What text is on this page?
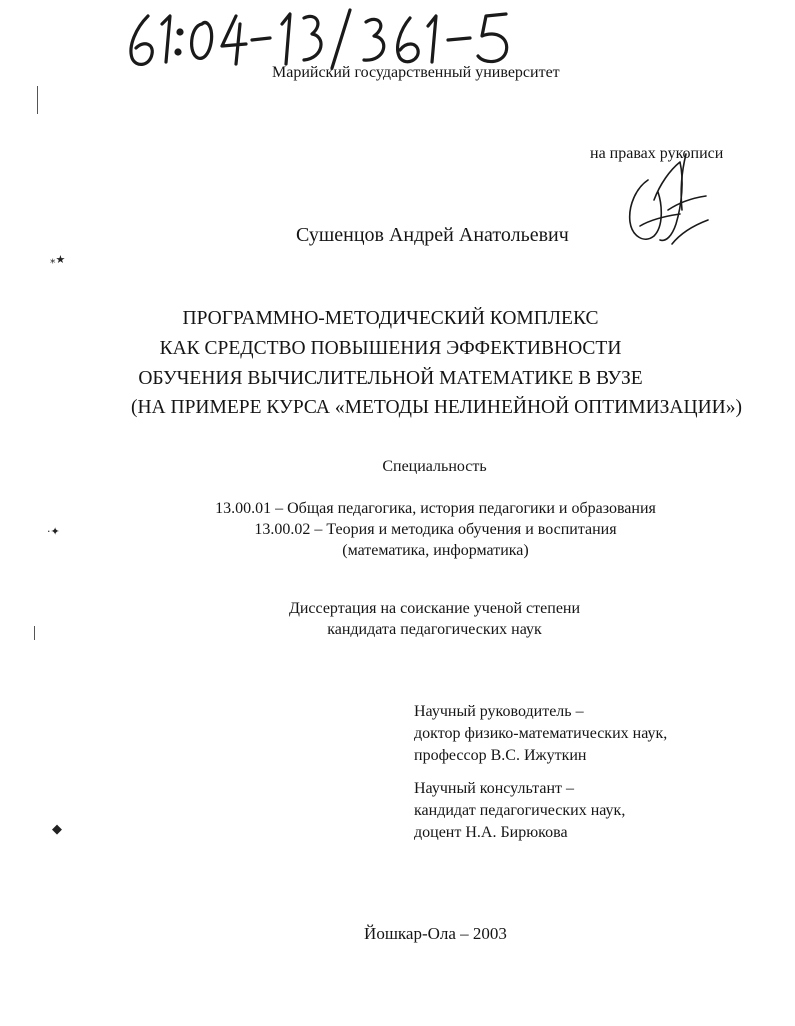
Марийский государственный университет
на правах рукописи
Сушенцов Андрей Анатольевич
ПРОГРАММНО-МЕТОДИЧЕСКИЙ КОМПЛЕКС
КАК СРЕДСТВО ПОВЫШЕНИЯ ЭФФЕКТИВНОСТИ
ОБУЧЕНИЯ ВЫЧИСЛИТЕЛЬНОЙ МАТЕМАТИКЕ В ВУЗЕ
(НА ПРИМЕРЕ КУРСА «МЕТОДЫ НЕЛИНЕЙНОЙ ОПТИМИЗАЦИИ»)
Специальность
13.00.01 – Общая педагогика, история педагогики и образования
13.00.02 – Теория и методика обучения и воспитания
(математика, информатика)
Диссертация на соискание ученой степени
кандидата педагогических наук
Научный руководитель –
доктор физико-математических наук,
профессор В.С. Ижуткин
Научный консультант –
кандидат педагогических наук,
доцент Н.А. Бирюкова
Йошкар-Ола – 2003
⁎★
·✦
◆
